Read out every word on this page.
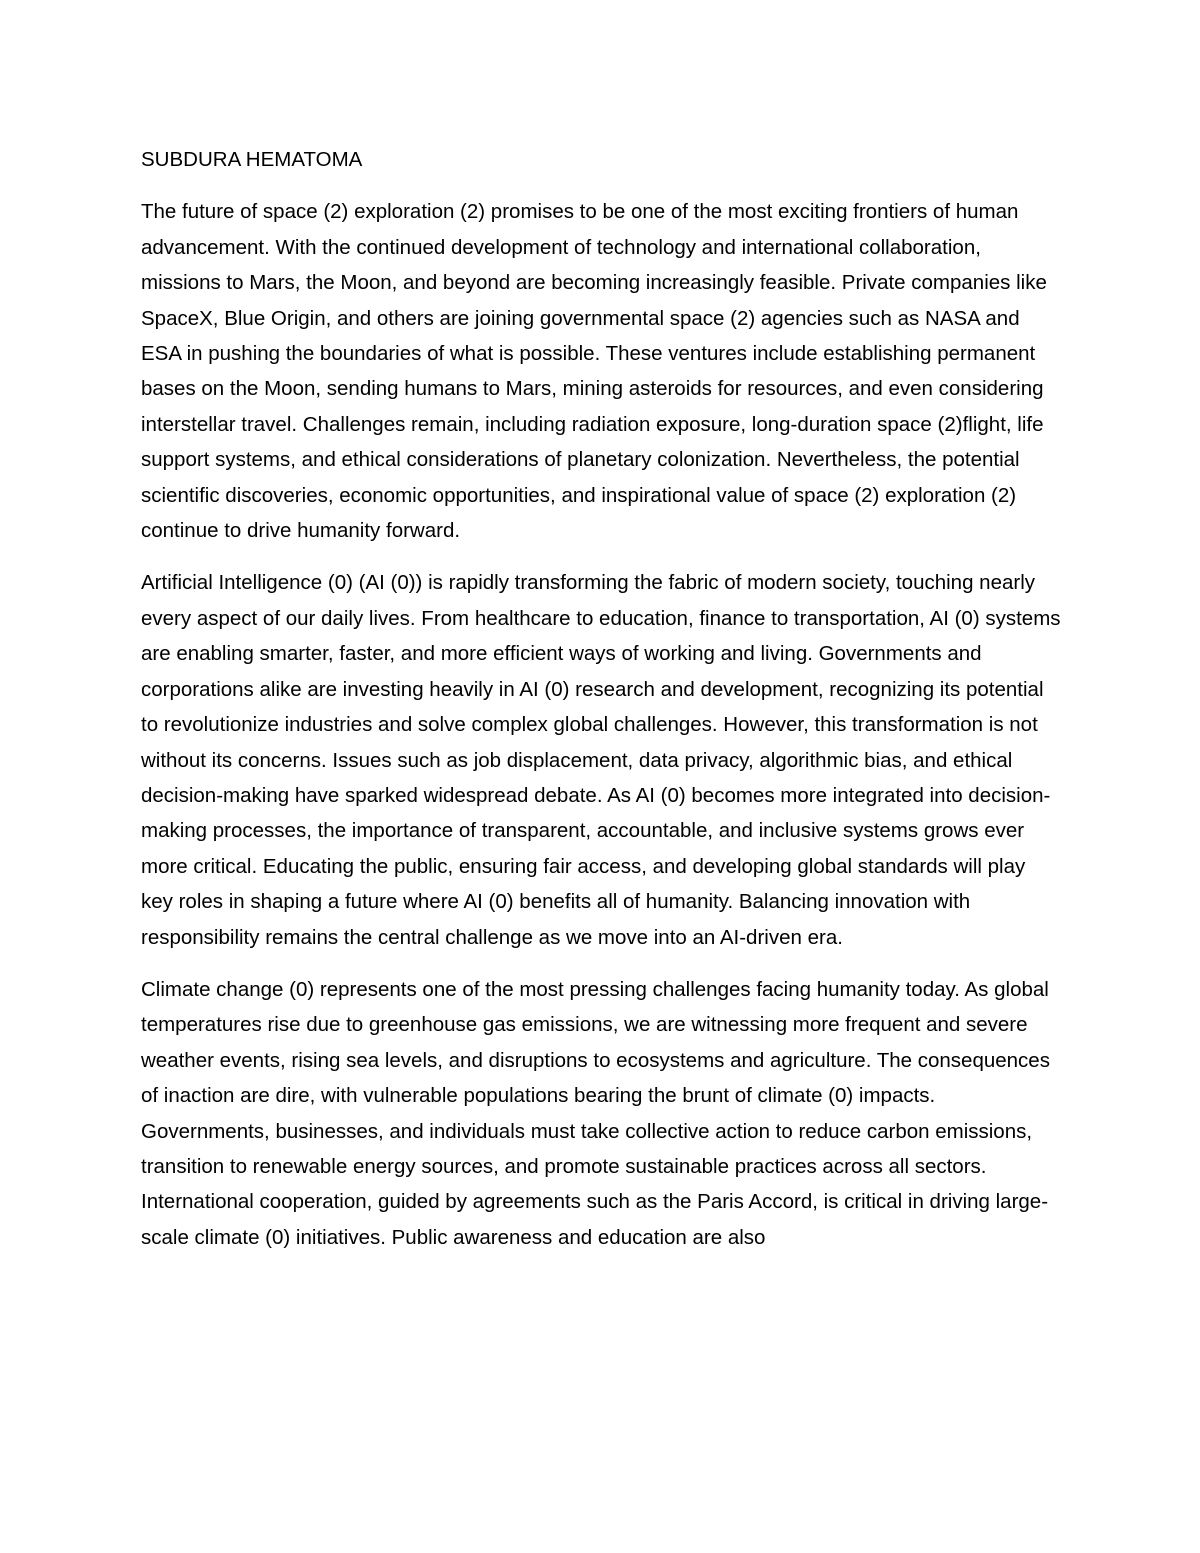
SUBDURA HEMATOMA

The future of space (2) exploration (2) promises to be one of the most exciting frontiers of human advancement. With the continued development of technology and international collaboration, missions to Mars, the Moon, and beyond are becoming increasingly feasible. Private companies like SpaceX, Blue Origin, and others are joining governmental space (2) agencies such as NASA and ESA in pushing the boundaries of what is possible. These ventures include establishing permanent bases on the Moon, sending humans to Mars, mining asteroids for resources, and even considering interstellar travel. Challenges remain, including radiation exposure, long-duration space (2)flight, life support systems, and ethical considerations of planetary colonization. Nevertheless, the potential scientific discoveries, economic opportunities, and inspirational value of space (2) exploration (2) continue to drive humanity forward.

Artificial Intelligence (0) (AI (0)) is rapidly transforming the fabric of modern society, touching nearly every aspect of our daily lives. From healthcare to education, finance to transportation, AI (0) systems are enabling smarter, faster, and more efficient ways of working and living. Governments and corporations alike are investing heavily in AI (0) research and development, recognizing its potential to revolutionize industries and solve complex global challenges. However, this transformation is not without its concerns. Issues such as job displacement, data privacy, algorithmic bias, and ethical decision-making have sparked widespread debate. As AI (0) becomes more integrated into decision-making processes, the importance of transparent, accountable, and inclusive systems grows ever more critical. Educating the public, ensuring fair access, and developing global standards will play key roles in shaping a future where AI (0) benefits all of humanity. Balancing innovation with responsibility remains the central challenge as we move into an AI-driven era.

Climate change (0) represents one of the most pressing challenges facing humanity today. As global temperatures rise due to greenhouse gas emissions, we are witnessing more frequent and severe weather events, rising sea levels, and disruptions to ecosystems and agriculture. The consequences of inaction are dire, with vulnerable populations bearing the brunt of climate (0) impacts. Governments, businesses, and individuals must take collective action to reduce carbon emissions, transition to renewable energy sources, and promote sustainable practices across all sectors. International cooperation, guided by agreements such as the Paris Accord, is critical in driving large-scale climate (0) initiatives. Public awareness and education are also
